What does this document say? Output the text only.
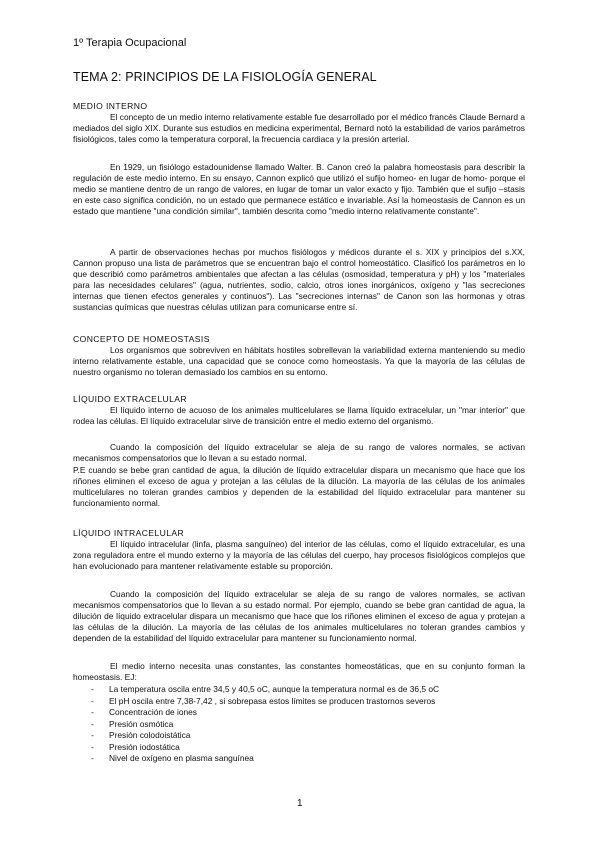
1º Terapia Ocupacional
TEMA 2: PRINCIPIOS DE LA FISIOLOGÍA GENERAL
MEDIO INTERNO

El concepto de un medio interno relativamente estable fue desarrollado por el médico francés Claude Bernard a mediados del siglo XIX. Durante sus estudios en medicina experimental, Bernard notó la estabilidad de varios parámetros fisiológicos, tales como la temperatura corporal, la frecuencia cardiaca y la presión arterial.

En 1929, un fisiólogo estadounidense llamado Walter. B. Canon creó la palabra homeostasis para describir la regulación de este medio interno. En su ensayo, Cannon explicó que utilizó el sufijo homeo- en lugar de homo- porque el medio se mantiene dentro de un rango de valores, en lugar de tomar un valor exacto y fijo. También que el sufijo –stasis en este caso significa condición, no un estado que permanece estático e invariable. Así la homeostasis de Cannon es un estado que mantiene "una condición similar", también descrita como "medio interno relativamente constante".

A partir de observaciones hechas por muchos fisiólogos y médicos durante el s. XIX y principios del s.XX, Cannon propuso una lista de parámetros que se encuentran bajo el control homeostático. Clasificó los parámetros en lo que describió como parámetros ambientales que afectan a las células (osmosidad, temperatura y pH) y los "materiales para las necesidades celulares" (agua, nutrientes, sodio, calcio, otros iones inorgánicos, oxígeno y "las secreciones internas que tienen efectos generales y continuos"). Las "secreciones internas" de Canon son las hormonas y otras sustancias químicas que nuestras células utilizan para comunicarse entre sí.

CONCEPTO DE HOMEOSTASIS

Los organismos que sobreviven en hábitats hostiles sobrellevan la variabilidad externa manteniendo su medio interno relativamente estable, una capacidad que se conoce como homeostasis. Ya que la mayoría de las células de nuestro organismo no toleran demasiado los cambios en su entorno.

LÍQUIDO EXTRACELULAR

El líquido interno de acuoso de los animales multicelulares se llama líquido extracelular, un "mar interior" que rodea las células. El líquido extracelular sirve de transición entre el medio externo del organismo.

Cuando la composición del líquido extracelular se aleja de su rango de valores normales, se activan mecanismos compensatorios que lo llevan a su estado normal.

P.E cuando se bebe gran cantidad de agua, la dilución de líquido extracelular dispara un mecanismo que hace que los riñones eliminen el exceso de agua y protejan a las células de la dilución. La mayoría de las células de los animales multicelulares no toleran grandes cambios y dependen de la estabilidad del líquido extracelular para mantener su funcionamiento normal.

LÍQUIDO INTRACELULAR

El líquido intracelular (linfa, plasma sanguíneo) del interior de las células, como el líquido extracelular, es una zona reguladora entre el mundo externo y la mayoría de las células del cuerpo, hay procesos fisiológicos complejos que han evolucionado para mantener relativamente estable su proporción.

Cuando la composición del líquido extracelular se aleja de su rango de valores normales, se activan mecanismos compensatorios que lo llevan a su estado normal. Por ejemplo, cuando se bebe gran cantidad de agua, la dilución de líquido extracelular dispara un mecanismo que hace que los riñones eliminen el exceso de agua y protejan a las células de la dilución. La mayoría de las células de los animales multicelulares no toleran grandes cambios y dependen de la estabilidad del líquido extracelular para mantener su funcionamiento normal.

El medio interno necesita unas constantes, las constantes homeostáticas, que en su conjunto forman la homeostasis. EJ:

- La temperatura oscila entre 34,5 y 40,5 oC, aunque la temperatura normal es de 36,5 oC
- El pH oscila entre 7,38-7,42 , si sobrepasa estos límites se producen trastornos severos
- Concentración de iones
- Presión osmótica
- Presión colodoistática
- Presión iodostática
- Nivel de oxígeno en plasma sanguínea
1
